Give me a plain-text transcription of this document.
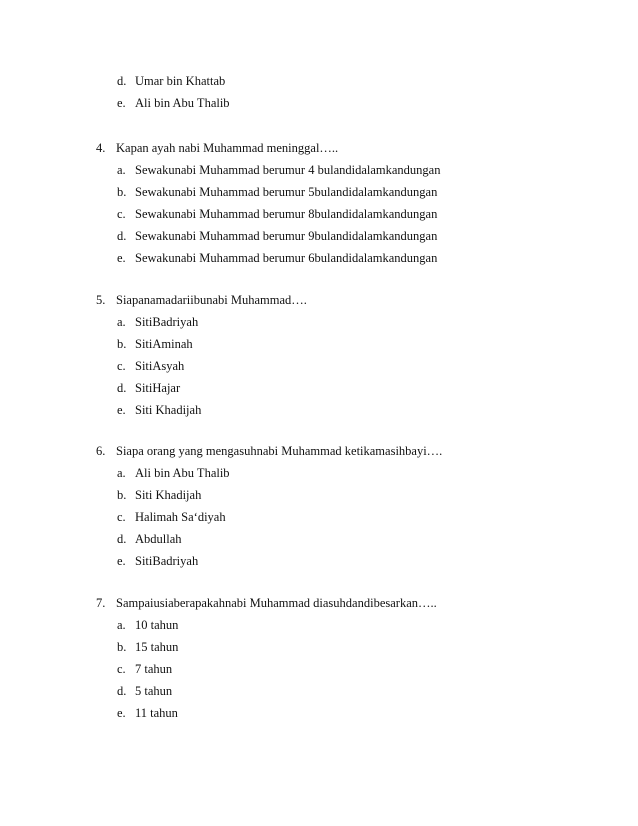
d. Umar bin Khattab
e. Ali bin Abu Thalib
4. Kapan ayah nabi Muhammad meninggal…..
a. Sewakunabi Muhammad berumur 4 bulandidalamkandungan
b. Sewakunabi Muhammad berumur 5bulandidalamkandungan
c. Sewakunabi Muhammad berumur 8bulandidalamkandungan
d. Sewakunabi Muhammad berumur 9bulandidalamkandungan
e. Sewakunabi Muhammad berumur 6bulandidalamkandungan
5. Siapanamadariibunabi Muhammad….
a. SitiBadriyah
b. SitiAminah
c. SitiAsyah
d. SitiHajar
e. Siti Khadijah
6. Siapa orang yang mengasuhnabi Muhammad ketikamasihbayi….
a. Ali bin Abu Thalib
b. Siti Khadijah
c. Halimah Sa‘diyah
d. Abdullah
e. SitiBadriyah
7. Sampaiusiaberapakahnabi Muhammad diasuhdandibesarkan…..
a. 10 tahun
b. 15 tahun
c. 7 tahun
d. 5 tahun
e. 11 tahun
